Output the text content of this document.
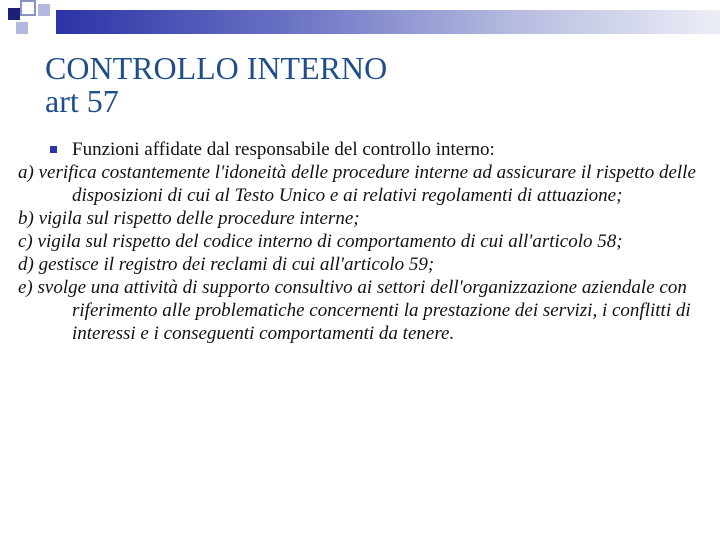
CONTROLLO INTERNO
art 57
Funzioni affidate dal responsabile del controllo interno:
a) verifica costantemente l'idoneità delle procedure interne ad assicurare il rispetto delle disposizioni di cui al Testo Unico e ai relativi regolamenti di attuazione;
b) vigila sul rispetto delle procedure interne;
c) vigila sul rispetto del codice interno di comportamento di cui all'articolo 58;
d) gestisce il registro dei reclami di cui all'articolo 59;
e) svolge una attività di supporto consultivo ai settori dell'organizzazione aziendale con riferimento alle problematiche concernenti la prestazione dei servizi, i conflitti di interessi e i conseguenti comportamenti da tenere.
